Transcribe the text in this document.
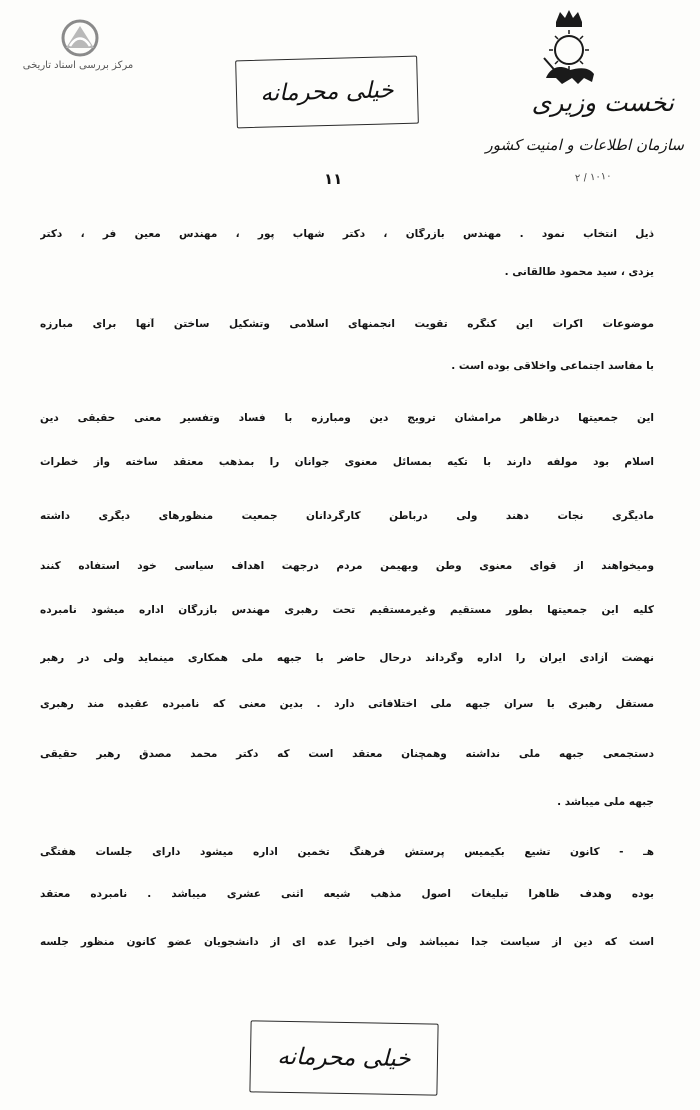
مرکز بررسی اسناد تاریخی
نخست وزیری
سازمان اطلاعات و امنیت کشور
۱۰۱۰ / ۲
خیلی محرمانه
۱۱
ذیل انتخاب نمود . مهندس بازرگان ، دکتر شهاب پور ، مهندس معین فر ، دکتر
یزدی ، سید محمود طالقانی .
موضوعات اکرات این کنگره تقویت انجمنهای اسلامی وتشکیل ساختن آنها برای مبارزه
با مفاسد اجتماعی واخلاقی بوده است .
این جمعیتها درظاهر مرامشان ترویج دین ومبارزه با فساد وتفسیر معنی حقیقی دین
اسلام بود مولفه دارند با تکیه بمسائل معنوی جوانان را بمذهب معتقد ساخته واز خطرات
مادیگری نجات دهند ولی درباطن کارگردانان جمعیت منظورهای دیگری داشته
ومیخواهند از قوای معنوی وطن وبهیمن مردم درجهت اهداف سیاسی خود استفاده کنند
کلیه این جمعیتها بطور مستقیم وغیرمستقیم تحت رهبری مهندس بازرگان اداره میشود نامبرده
نهضت آزادی ایران را اداره وگرداند درحال حاضر با جبهه ملی همکاری مینماید ولی در رهبر
مستقل رهبری با سران جبهه ملی اختلافاتی دارد . بدین معنی که نامبرده عقیده مند رهبری
دستجمعی جبهه ملی نداشته وهمچنان معتقد است که دکتر محمد مصدق رهبر حقیقی
جبهه ملی میباشد .
هـ - کانون تشیع بکیمیس پرستش فرهنگ تخمین اداره میشود دارای جلسات هفتگی
بوده وهدف ظاهراً تبلیغات اصول مذهب شیعه اثنی عشری میباشد . نامبرده معتقد
است که دین از سیاست جدا نمیباشد ولی اخیراً عده ای از دانشجویان عضو کانون منظور جلسه
خیلی محرمانه
